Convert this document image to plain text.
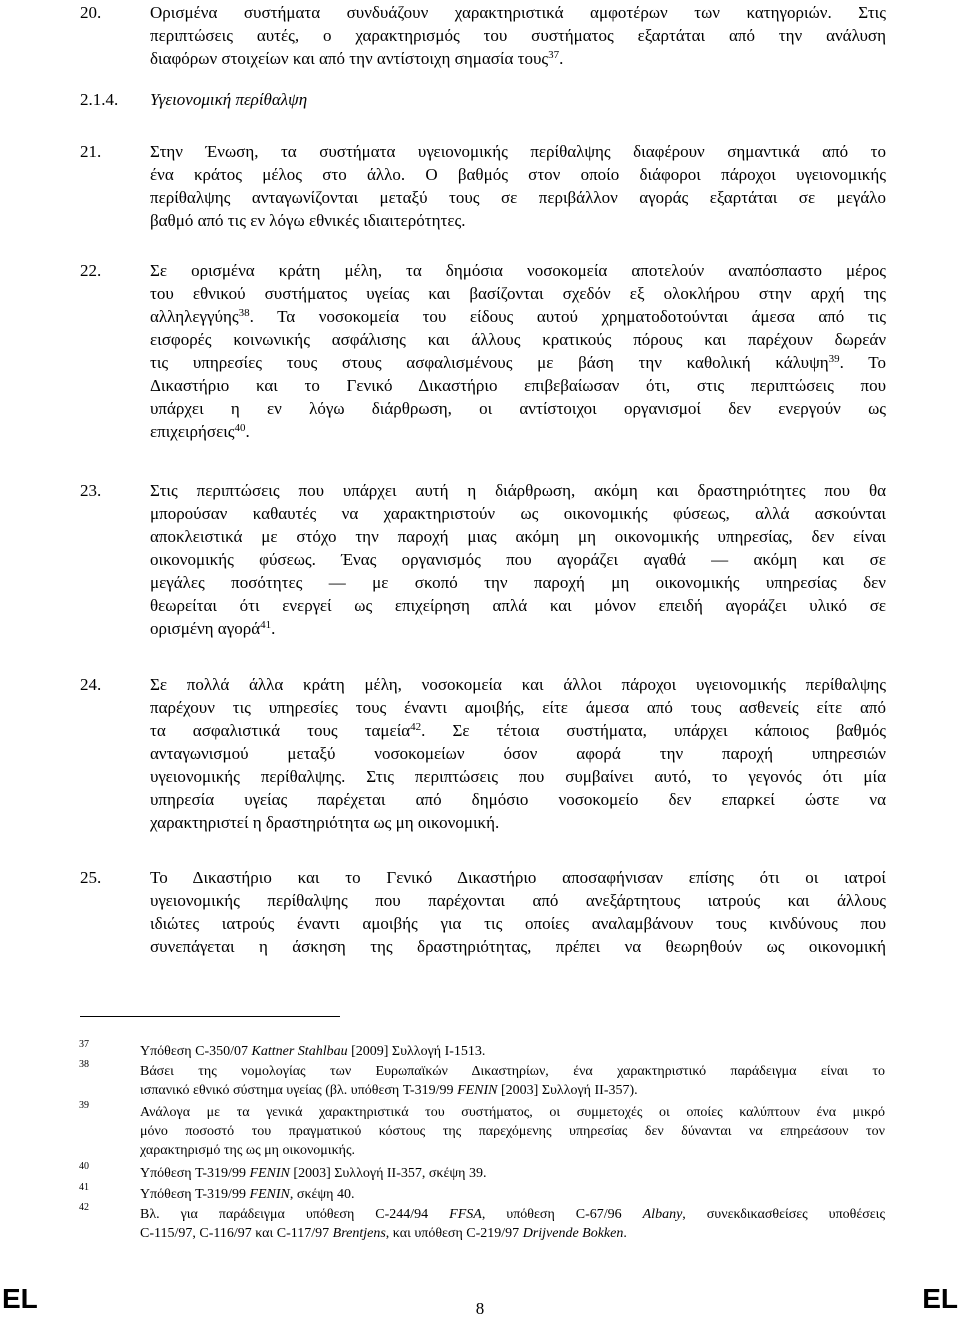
20.	Ορισμένα συστήματα συνδυάζουν χαρακτηριστικά αμφοτέρων των κατηγοριών. Στις
περιπτώσεις αυτές, ο χαρακτηρισμός του συστήματος εξαρτάται από την ανάλυση
διαφόρων στοιχείων και από την αντίστοιχη σημασία τους$^{37}$.
2.1.4. Υγειονομική περίθαλψη
21.	Στην Ένωση, τα συστήματα υγειονομικής περίθαλψης διαφέρουν σημαντικά από το
ένα κράτος μέλος στο άλλο. Ο βαθμός στον οποίο διάφοροι πάροχοι υγειονομικής
περίθαλψης ανταγωνίζονται μεταξύ τους σε περιβάλλον αγοράς εξαρτάται σε μεγάλο
βαθμό από τις εν λόγω εθνικές ιδιαιτερότητες.
22.	Σε ορισμένα κράτη μέλη, τα δημόσια νοσοκομεία αποτελούν αναπόσπαστο μέρος
του εθνικού συστήματος υγείας και βασίζονται σχεδόν εξ ολοκλήρου στην αρχή της
αλληλεγγύης$^{38}$. Τα νοσοκομεία του είδους αυτού χρηματοδοτούνται άμεσα από τις
εισφορές κοινωνικής ασφάλισης και άλλους κρατικούς πόρους και παρέχουν δωρεάν
τις υπηρεσίες τους στους ασφαλισμένους με βάση την καθολική κάλυψη$^{39}$. Το
Δικαστήριο και το Γενικό Δικαστήριο επιβεβαίωσαν ότι, στις περιπτώσεις που
υπάρχει η εν λόγω διάρθρωση, οι αντίστοιχοι οργανισμοί δεν ενεργούν ως
επιχειρήσεις$^{40}$.
23.	Στις περιπτώσεις που υπάρχει αυτή η διάρθρωση, ακόμη και δραστηριότητες που θα
μπορούσαν καθαυτές να χαρακτηριστούν ως οικονομικής φύσεως, αλλά ασκούνται
αποκλειστικά με στόχο την παροχή μιας ακόμη μη οικονομικής υπηρεσίας, δεν είναι
οικονομικής φύσεως. Ένας οργανισμός που αγοράζει αγαθά — ακόμη και σε
μεγάλες ποσότητες — με σκοπό την παροχή μη οικονομικής υπηρεσίας δεν
θεωρείται ότι ενεργεί ως επιχείρηση απλά και μόνον επειδή αγοράζει υλικό σε
ορισμένη αγορά$^{41}$.
24.	Σε πολλά άλλα κράτη μέλη, νοσοκομεία και άλλοι πάροχοι υγειονομικής περίθαλψης
παρέχουν τις υπηρεσίες τους έναντι αμοιβής, είτε άμεσα από τους ασθενείς είτε από
τα ασφαλιστικά τους ταμεία$^{42}$. Σε τέτοια συστήματα, υπάρχει κάποιος βαθμός
ανταγωνισμού μεταξύ νοσοκομείων όσον αφορά την παροχή υπηρεσιών
υγειονομικής περίθαλψης. Στις περιπτώσεις που συμβαίνει αυτό, το γεγονός ότι μία
υπηρεσία υγείας παρέχεται από δημόσιο νοσοκομείο δεν επαρκεί ώστε να
χαρακτηριστεί η δραστηριότητα ως μη οικονομική.
25.	Το Δικαστήριο και το Γενικό Δικαστήριο αποσαφήνισαν επίσης ότι οι ιατροί
υγειονομικής περίθαλψης που παρέχονται από ανεξάρτητους ιατρούς και άλλους
ιδιώτες ιατρούς έναντι αμοιβής για τις οποίες αναλαμβάνουν τους κινδύνους που
συνεπάγεται η άσκηση της δραστηριότητας, πρέπει να θεωρηθούν ως οικονομική
37	Υπόθεση C-350/07 Kattner Stahlbau [2009] Συλλογή I-1513.
38	Βάσει της νομολογίας των Ευρωπαϊκών Δικαστηρίων, ένα χαρακτηριστικό παράδειγμα είναι το
ισπανικό εθνικό σύστημα υγείας (βλ. υπόθεση T-319/99 FENIN [2003] Συλλογή II-357).
39	Ανάλογα με τα γενικά χαρακτηριστικά του συστήματος, οι συμμετοχές οι οποίες καλύπτουν ένα μικρό
μόνο ποσοστό του πραγματικού κόστους της παρεχόμενης υπηρεσίας δεν δύνανται να επηρεάσουν τον
χαρακτηρισμό της ως μη οικονομικής.
40	Υπόθεση T-319/99 FENIN [2003] Συλλογή II-357, σκέψη 39.
41	Υπόθεση T-319/99 FENIN, σκέψη 40.
42	Βλ. για παράδειγμα υπόθεση C-244/94 FFSA, υπόθεση C-67/96 Albany, συνεκδικασθείσες υποθέσεις
C-115/97, C-116/97 και C-117/97 Brentjens, και υπόθεση C-219/97 Drijvende Bokken.
EL	8	EL
